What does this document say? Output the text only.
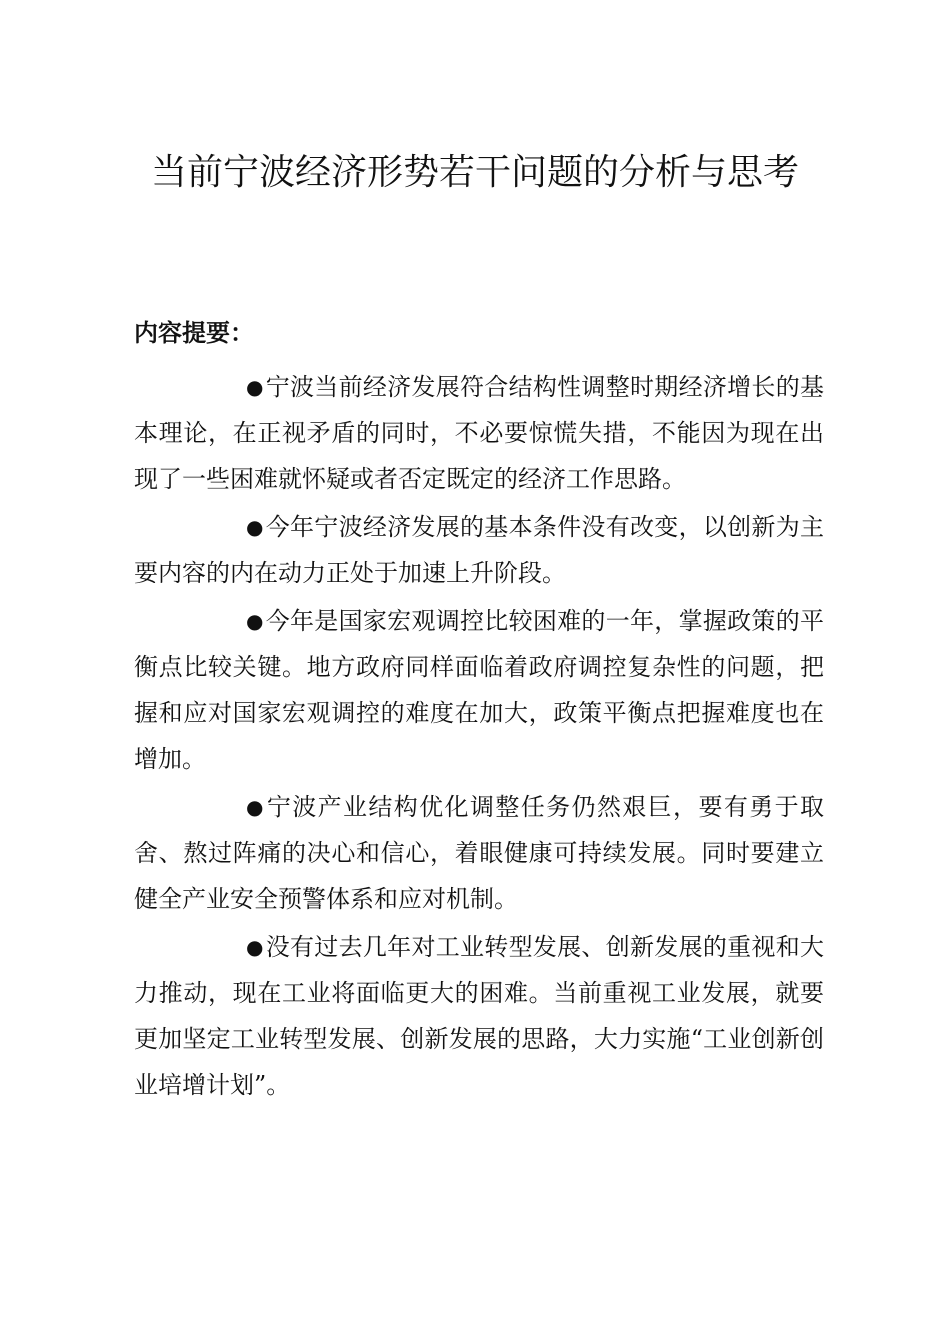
当前宁波经济形势若干问题的分析与思考

内容提要：

●宁波当前经济发展符合结构性调整时期经济增长的基本理论，在正视矛盾的同时，不必要惊慌失措，不能因为现在出现了一些困难就怀疑或者否定既定的经济工作思路。

●今年宁波经济发展的基本条件没有改变，以创新为主要内容的内在动力正处于加速上升阶段。

●今年是国家宏观调控比较困难的一年，掌握政策的平衡点比较关键。地方政府同样面临着政府调控复杂性的问题，把握和应对国家宏观调控的难度在加大，政策平衡点把握难度也在增加。

●宁波产业结构优化调整任务仍然艰巨，要有勇于取舍、熬过阵痛的决心和信心，着眼健康可持续发展。同时要建立健全产业安全预警体系和应对机制。

●没有过去几年对工业转型发展、创新发展的重视和大力推动，现在工业将面临更大的困难。当前重视工业发展，就要更加坚定工业转型发展、创新发展的思路，大力实施“工业创新创业培增计划”。
